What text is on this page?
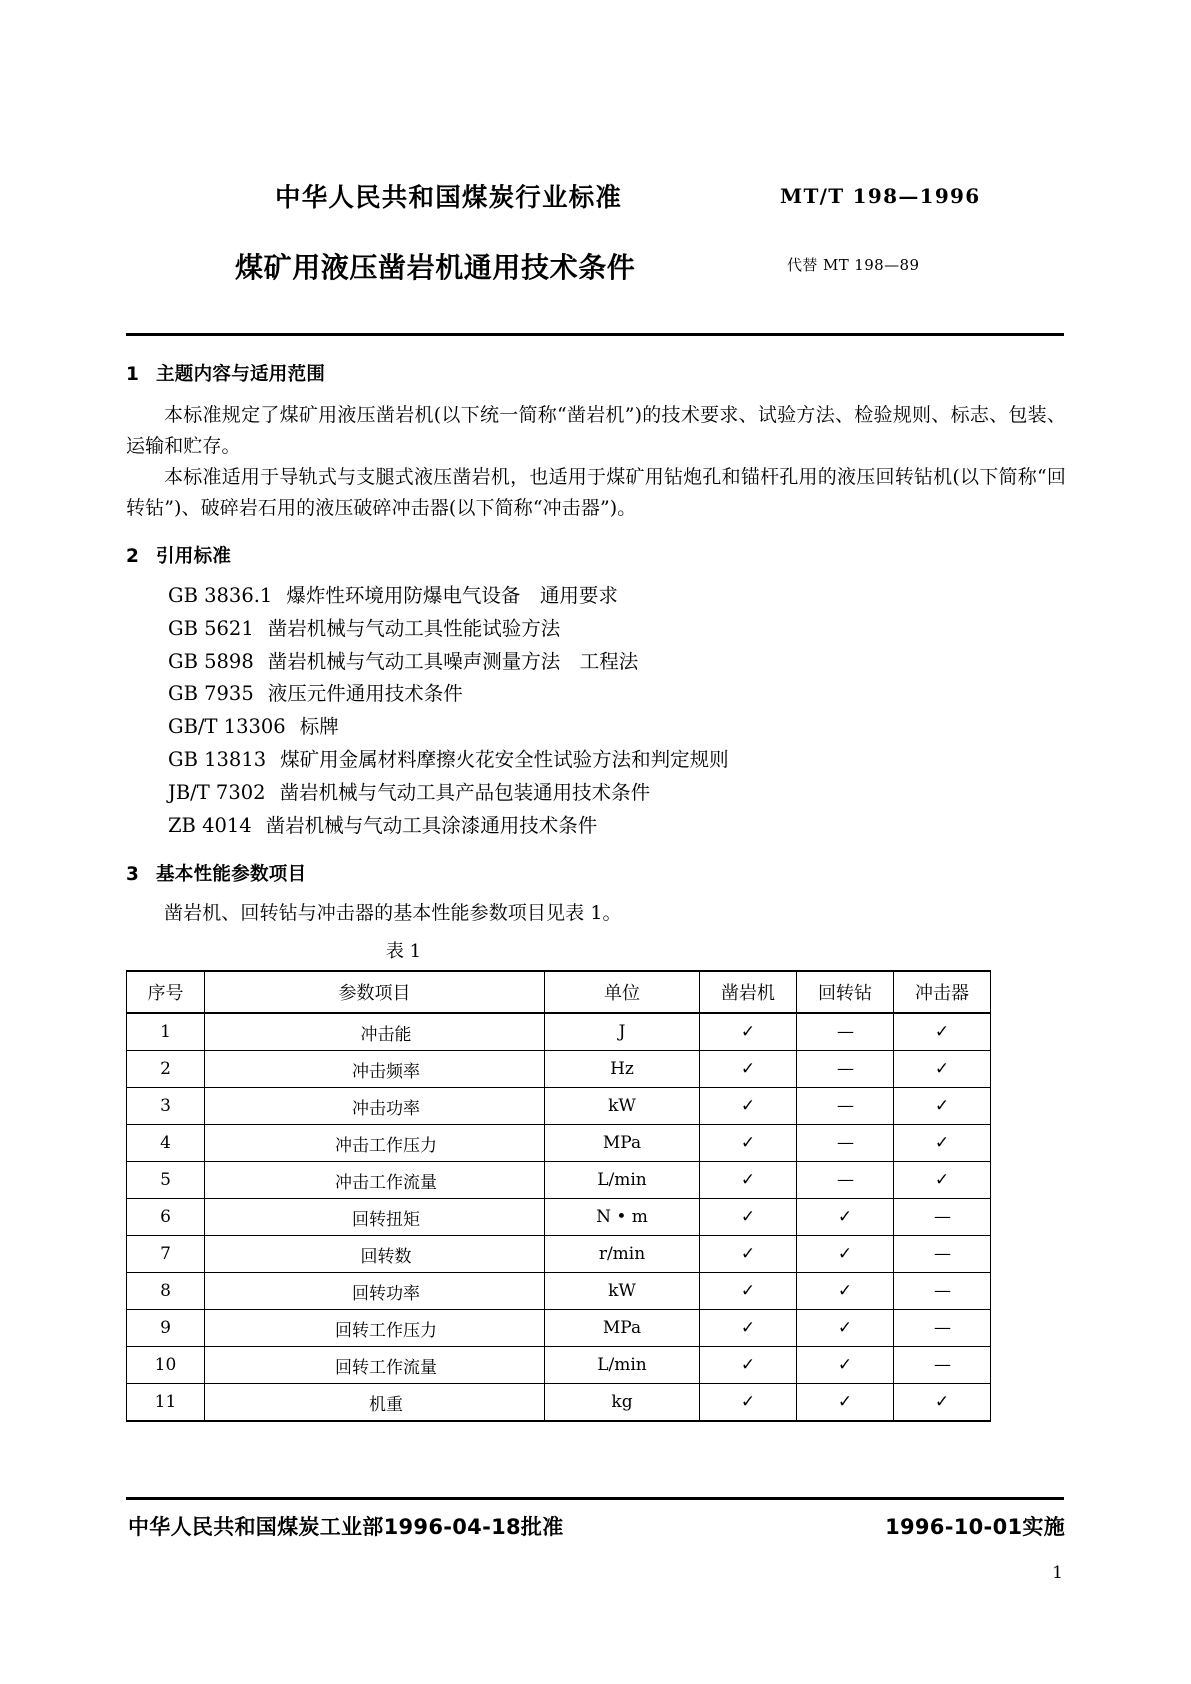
中华人民共和国煤炭行业标准	MT/T 198—1996
煤矿用液压凿岩机通用技术条件	代替 MT 198—89
1 主题内容与适用范围
本标准规定了煤矿用液压凿岩机(以下统一简称“凿岩机”)的技术要求、试验方法、检验规则、标志、包装、运输和贮存。
本标准适用于导轨式与支腿式液压凿岩机，也适用于煤矿用钻炮孔和锚杆孔用的液压回转钻机(以下简称“回转钻”)、破碎岩石用的液压破碎冲击器(以下简称“冲击器”)。
2 引用标准
GB 3836.1 爆炸性环境用防爆电气设备　通用要求
GB 5621 凿岩机械与气动工具性能试验方法
GB 5898 凿岩机械与气动工具噪声测量方法　工程法
GB 7935 液压元件通用技术条件
GB/T 13306 标牌
GB 13813 煤矿用金属材料摩擦火花安全性试验方法和判定规则
JB/T 7302 凿岩机械与气动工具产品包装通用技术条件
ZB 4014 凿岩机械与气动工具涂漆通用技术条件
3 基本性能参数项目
凿岩机、回转钻与冲击器的基本性能参数项目见表 1。
表 1
序号	参数项目	单位	凿岩机	回转钻	冲击器
1	冲击能	J	✓	—	✓
2	冲击频率	Hz	✓	—	✓
3	冲击功率	kW	✓	—	✓
4	冲击工作压力	MPa	✓	—	✓
5	冲击工作流量	L/min	✓	—	✓
6	回转扭矩	N • m	✓	✓	—
7	回转数	r/min	✓	✓	—
8	回转功率	kW	✓	✓	—
9	回转工作压力	MPa	✓	✓	—
10	回转工作流量	L/min	✓	✓	—
11	机重	kg	✓	✓	✓
中华人民共和国煤炭工业部1996-04-18批准	1996-10-01实施
1
